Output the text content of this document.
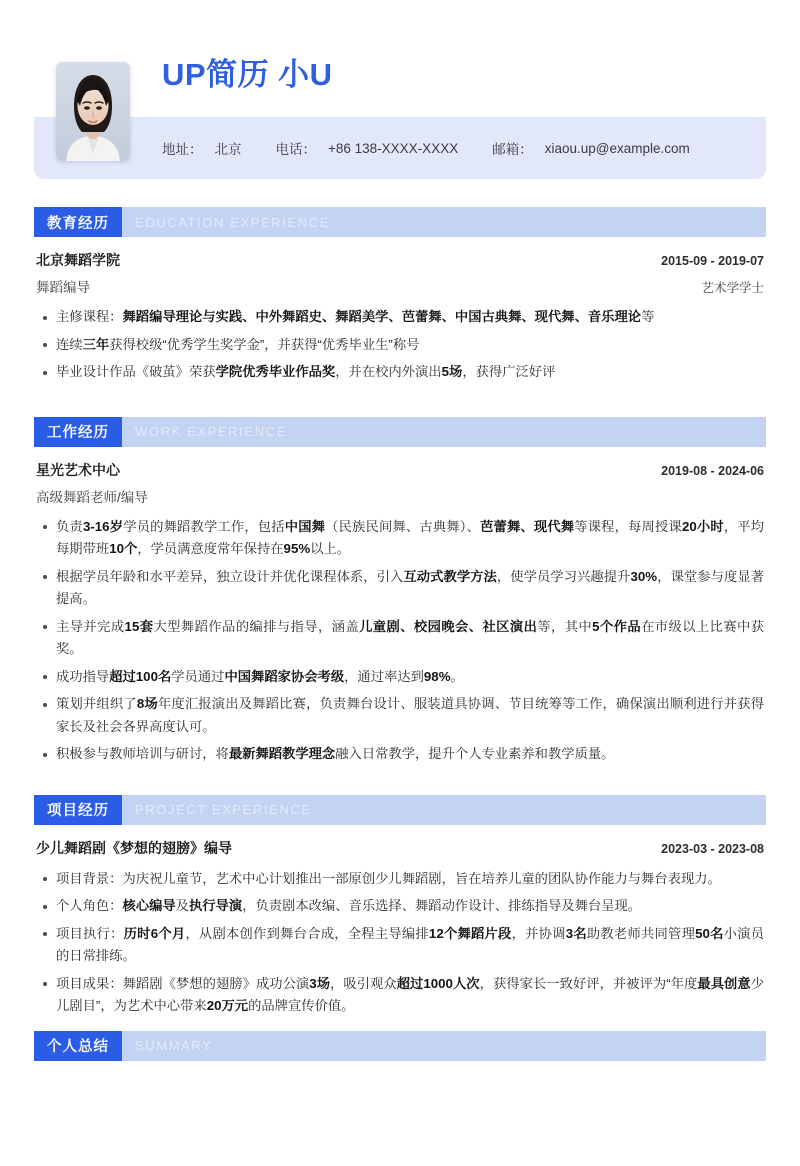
UP简历 小U
地址： 北京	电话： +86 138-XXXX-XXXX	邮箱： xiaou.up@example.com
教育经历	EDUCATION EXPERIENCE
北京舞蹈学院	2015-09 - 2019-07
舞蹈编导	艺术学学士
主修课程：舞蹈编导理论与实践、中外舞蹈史、舞蹈美学、芭蕾舞、中国古典舞、现代舞、音乐理论等
连续三年获得校级“优秀学生奖学金”，并获得“优秀毕业生”称号
毕业设计作品《破茧》荣获学院优秀毕业作品奖，并在校内外演出5场，获得广泛好评
工作经历	WORK EXPERIENCE
星光艺术中心	2019-08 - 2024-06
高级舞蹈老师/编导
负责3-16岁学员的舞蹈教学工作，包括中国舞（民族民间舞、古典舞）、芭蕾舞、现代舞等课程，每周授课20小时，平均每期带班10个，学员满意度常年保持在95%以上。
根据学员年龄和水平差异，独立设计并优化课程体系，引入互动式教学方法，使学员学习兴趣提升30%，课堂参与度显著提高。
主导并完成15套大型舞蹈作品的编排与指导，涵盖儿童剧、校园晚会、社区演出等，其中5个作品在市级以上比赛中获奖。
成功指导超过100名学员通过中国舞蹈家协会考级，通过率达到98%。
策划并组织了8场年度汇报演出及舞蹈比赛，负责舞台设计、服装道具协调、节目统筹等工作，确保演出顺利进行并获得家长及社会各界高度认可。
积极参与教师培训与研讨，将最新舞蹈教学理念融入日常教学，提升个人专业素养和教学质量。
项目经历	PROJECT EXPERIENCE
少儿舞蹈剧《梦想的翅膀》编导	2023-03 - 2023-08
项目背景：为庆祝儿童节，艺术中心计划推出一部原创少儿舞蹈剧，旨在培养儿童的团队协作能力与舞台表现力。
个人角色：核心编导及执行导演，负责剧本改编、音乐选择、舞蹈动作设计、排练指导及舞台呈现。
项目执行：历时6个月，从剧本创作到舞台合成，全程主导编排12个舞蹈片段，并协调3名助教老师共同管理50名小演员的日常排练。
项目成果：舞蹈剧《梦想的翅膀》成功公演3场，吸引观众超过1000人次，获得家长一致好评，并被评为“年度最具创意少儿剧目”，为艺术中心带来20万元的品牌宣传价值。
个人总结	SUMMARY
